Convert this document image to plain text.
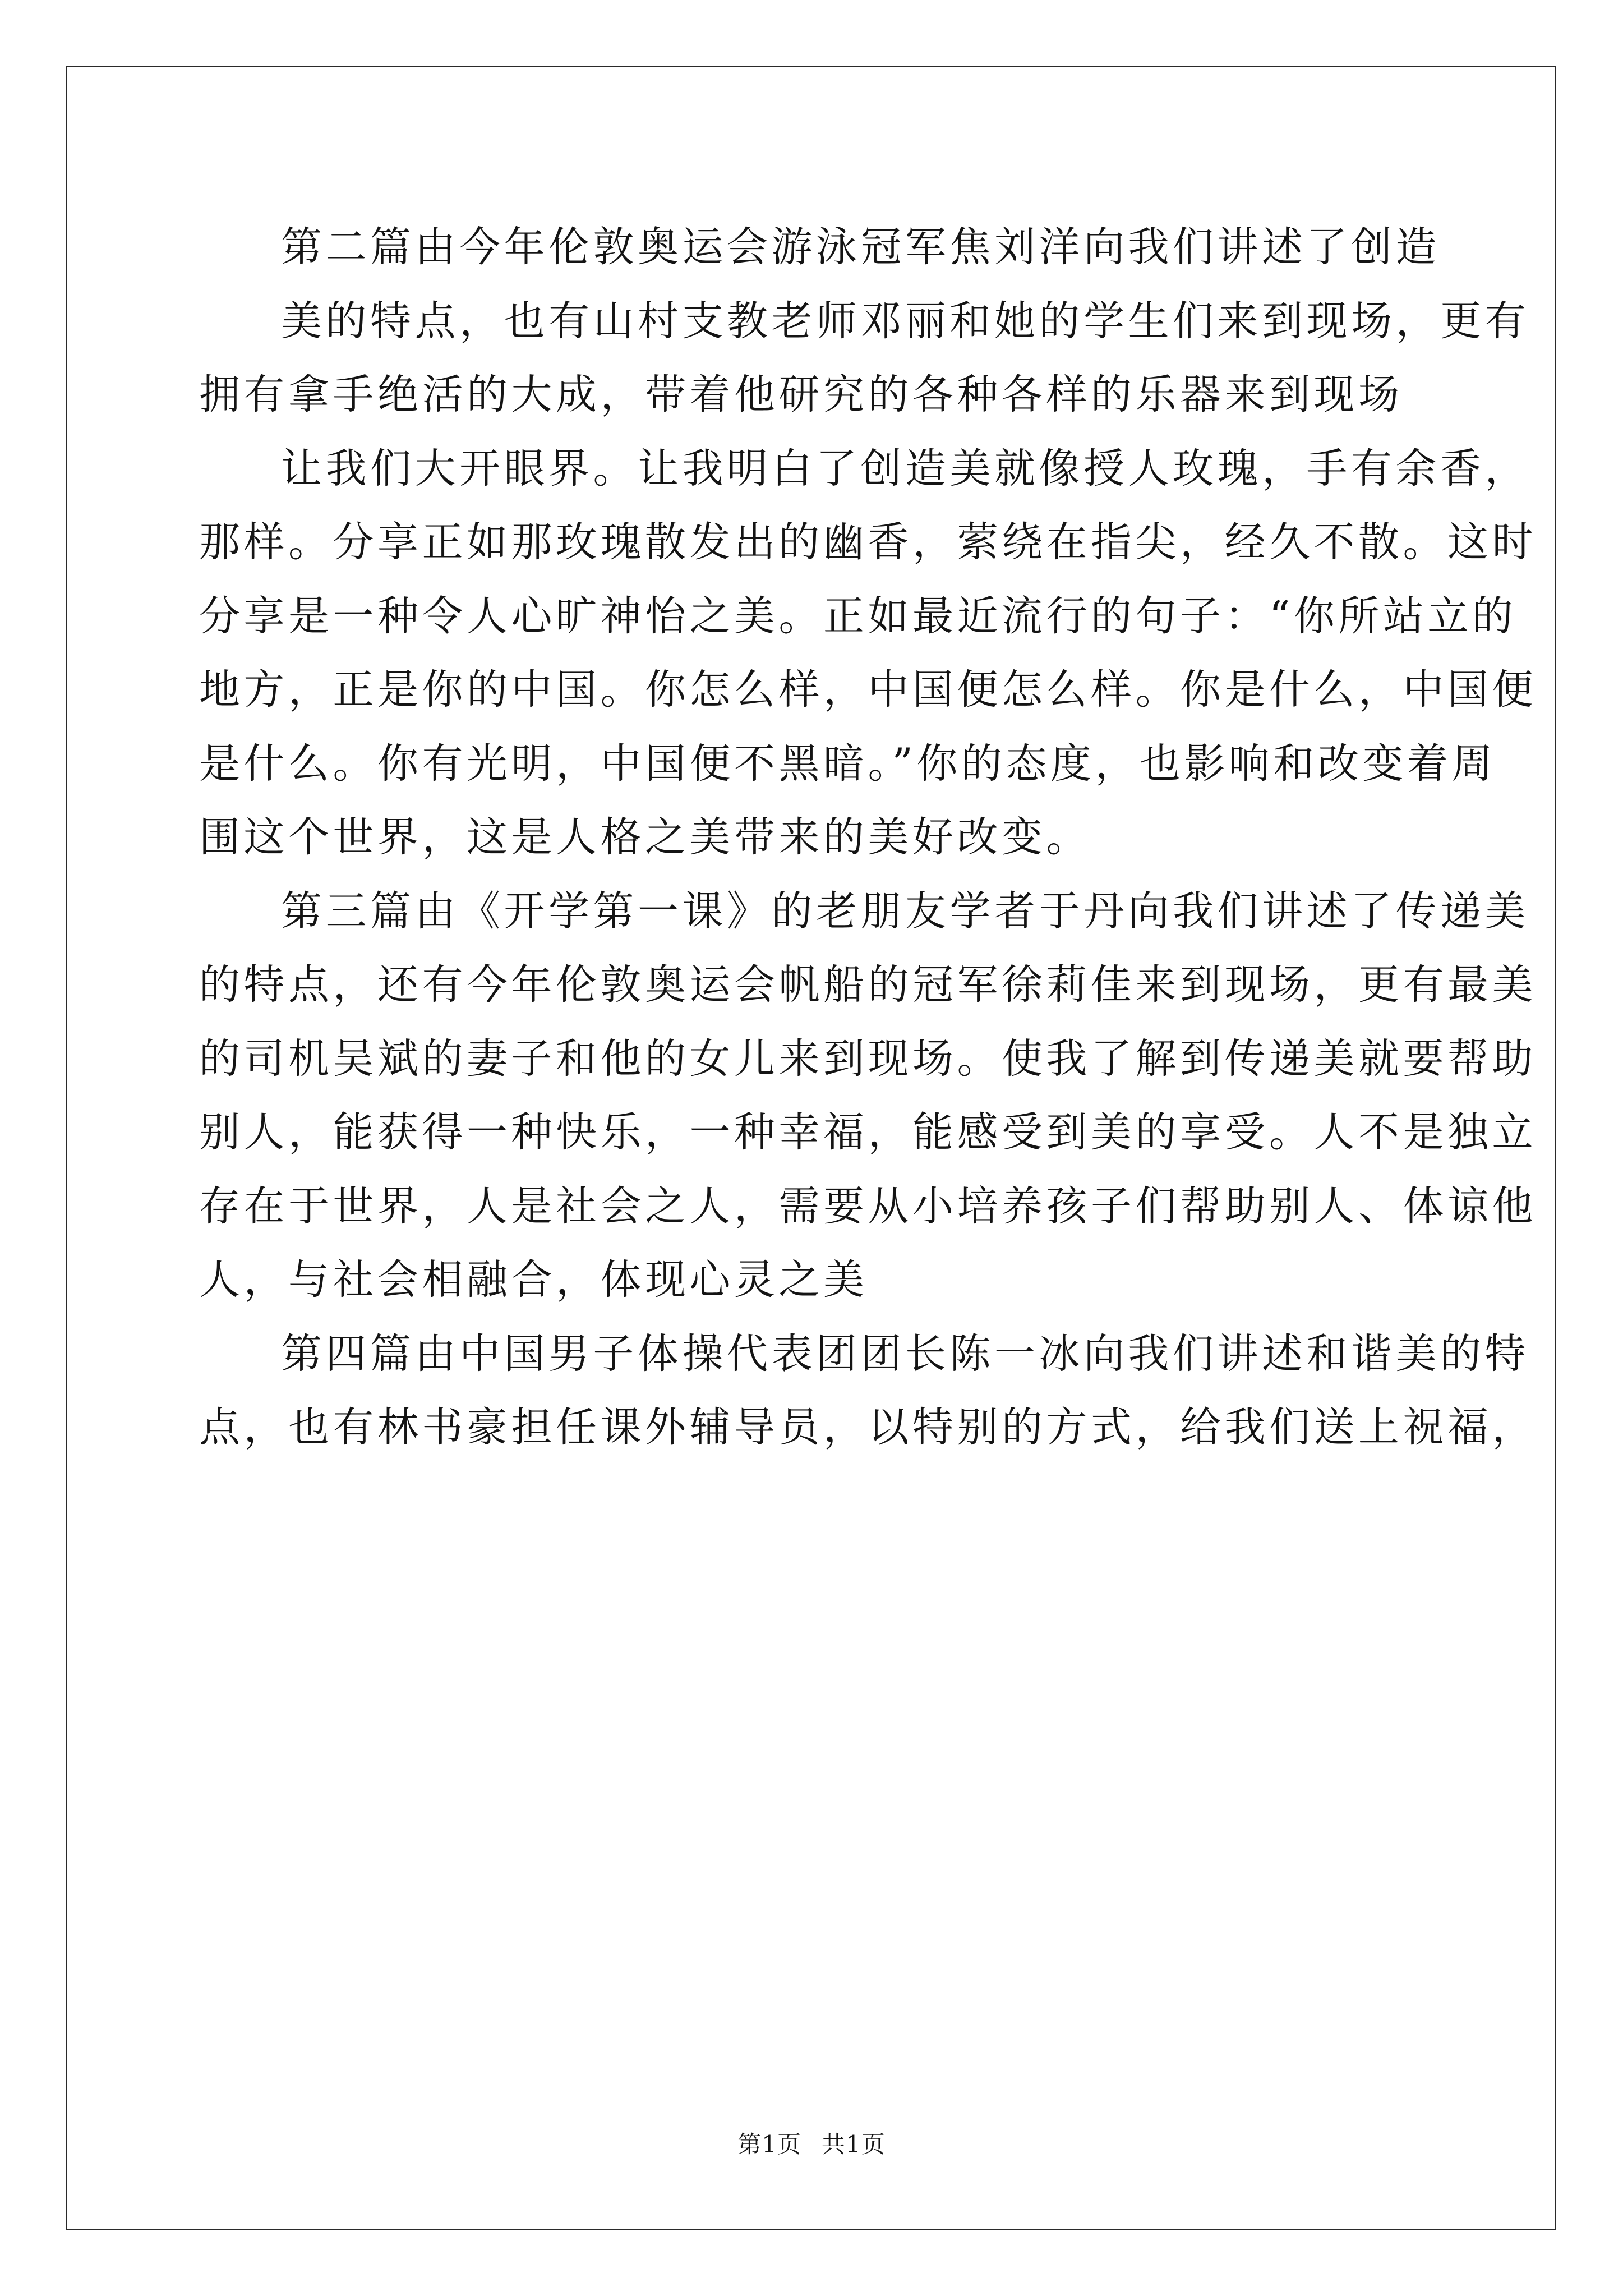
第二篇由今年伦敦奥运会游泳冠军焦刘洋向我们讲述了创造

美的特点，也有山村支教老师邓丽和她的学生们来到现场，更有

拥有拿手绝活的大成，带着他研究的各种各样的乐器来到现场

让我们大开眼界。让我明白了创造美就像授人玫瑰，手有余香，

那样。分享正如那玫瑰散发出的幽香，萦绕在指尖，经久不散。这时

分享是一种令人心旷神怡之美。正如最近流行的句子：“你所站立的

地方，正是你的中国。你怎么样，中国便怎么样。你是什么，中国便

是什么。你有光明，中国便不黑暗。”你的态度，也影响和改变着周

围这个世界，这是人格之美带来的美好改变。

第三篇由《开学第一课》的老朋友学者于丹向我们讲述了传递美

的特点，还有今年伦敦奥运会帆船的冠军徐莉佳来到现场，更有最美

的司机吴斌的妻子和他的女儿来到现场。使我了解到传递美就要帮助

别人，能获得一种快乐，一种幸福，能感受到美的享受。人不是独立

存在于世界，人是社会之人，需要从小培养孩子们帮助别人、体谅他

人，与社会相融合，体现心灵之美

第四篇由中国男子体操代表团团长陈一冰向我们讲述和谐美的特

点，也有林书豪担任课外辅导员，以特别的方式，给我们送上祝福，

第1页 共1页
